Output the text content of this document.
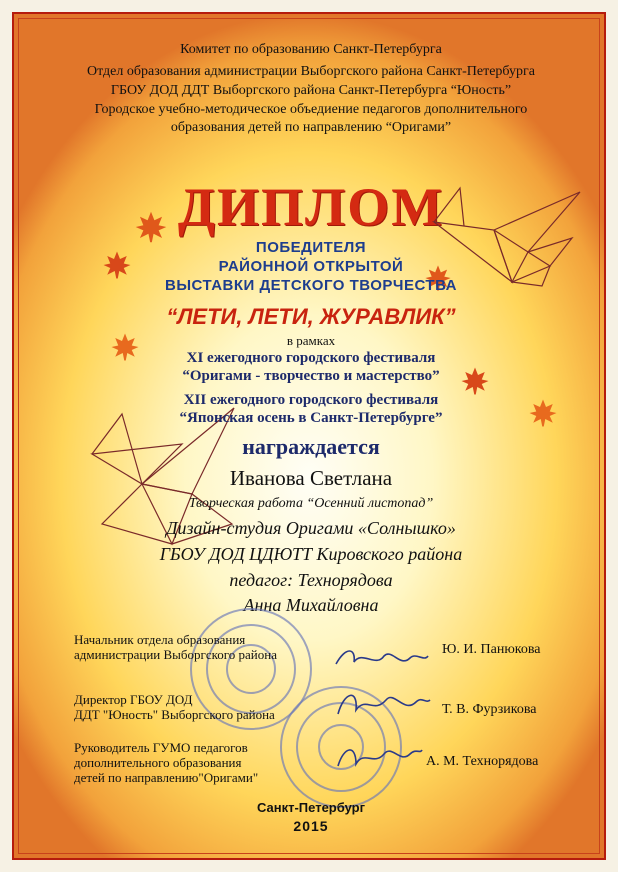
Комитет по образованию Санкт-Петербурга
Отдел образования администрации Выборгского района Санкт-Петербурга
ГБОУ ДОД ДДТ Выборгского района Санкт-Петербурга “Юность”
Городское учебно-методическое объедиение педагогов дополнительного
образования детей по направлению “Оригами”
ДИПЛОМ
ПОБЕДИТЕЛЯ
РАЙОННОЙ ОТКРЫТОЙ
ВЫСТАВКИ ДЕТСКОГО ТВОРЧЕСТВА
“ЛЕТИ, ЛЕТИ, ЖУРАВЛИК”
в рамках
XI ежегодного городского фестиваля
“Оригами - творчество и мастерство”
XII ежегодного городского фестиваля
“Японская осень в Санкт-Петербурге”
награждается
Иванова Светлана
Творческая работа “Осенний листопад”
Дизайн-студия Оригами «Солнышко»
ГБОУ ДОД ЦДЮТТ Кировского района
педагог: Технорядова
Анна Михайловна
Начальник отдела образования
администрации Выборгского района	Ю. И. Панюкова
Директор ГБОУ ДОД
ДДТ "Юность" Выборгского района	Т. В. Фурзикова
Руководитель ГУМО педагогов
дополнительного образования
детей по направлению"Оригами"
А. М. Технорядова
Санкт-Петербург
2015
